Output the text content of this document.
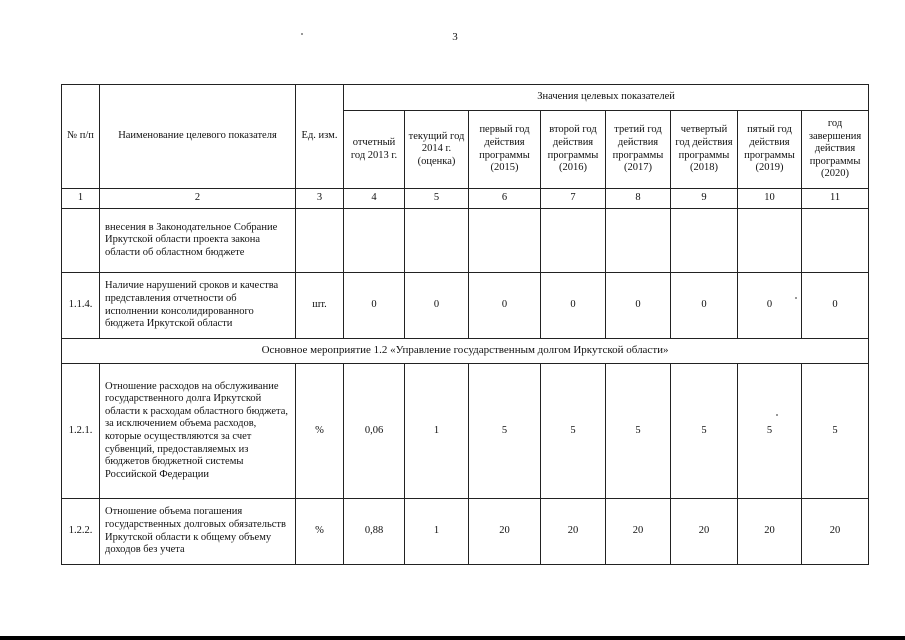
3
№ п/п	Наименование целевого показателя	Ед. изм.	Значения целевых показателей							
			отчетный год 2013 г.	текущий год 2014 г. (оценка)	первый год действия программы (2015)	второй год действия программы (2016)	третий год действия программы (2017)	четвертый год действия программы (2018)	пятый год действия программы (2019)	год завершения действия программы (2020)
1	2	3	4	5	6	7	8	9	10	11
	внесения в Законодательное Собрание Иркутской области проекта закона области об областном бюджете									
1.1.4.	Наличие нарушений сроков и качества представления отчетности об исполнении консолидированного бюджета Иркутской области	шт.	0	0	0	0	0	0	0	0
Основное мероприятие 1.2 «Управление государственным долгом Иркутской области»										
1.2.1.	Отношение расходов на обслуживание государственного долга Иркутской области к расходам областного бюджета, за исключением объема расходов, которые осуществляются за счет субвенций, предоставляемых из бюджетов бюджетной системы Российской Федерации	%	0,06	1	5	5	5	5	5	5
1.2.2.	Отношение объема погашения государственных долговых обязательств Иркутской области к общему объему доходов без учета	%	0,88	1	20	20	20	20	20	20
